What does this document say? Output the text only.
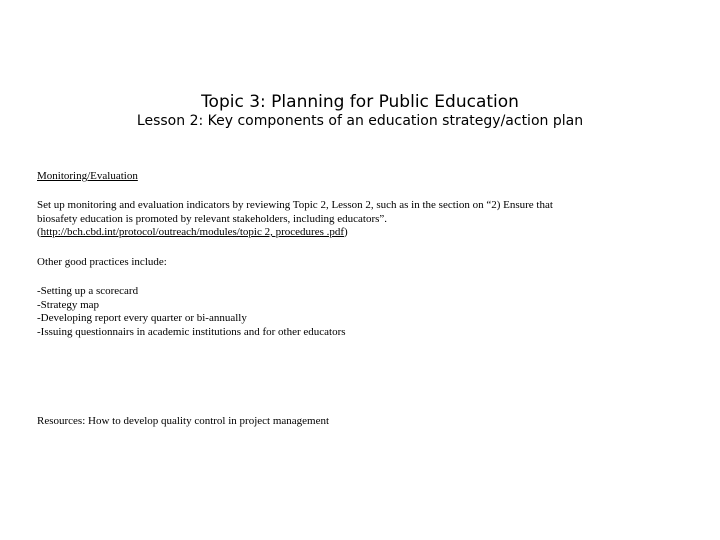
Topic 3: Planning for Public Education
Lesson 2: Key components of an education strategy/action plan
Monitoring/Evaluation
Set up monitoring and evaluation indicators by reviewing Topic 2, Lesson 2, such as in the section on “2) Ensure that
biosafety education is promoted by relevant stakeholders, including educators”.
(http://bch.cbd.int/protocol/outreach/modules/topic 2, procedures .pdf)
Other good practices include:
-Setting up a scorecard
-Strategy map
-Developing report every quarter or bi-annually
-Issuing questionnairs in academic institutions and for other educators
Resources: How to develop quality control in project management
